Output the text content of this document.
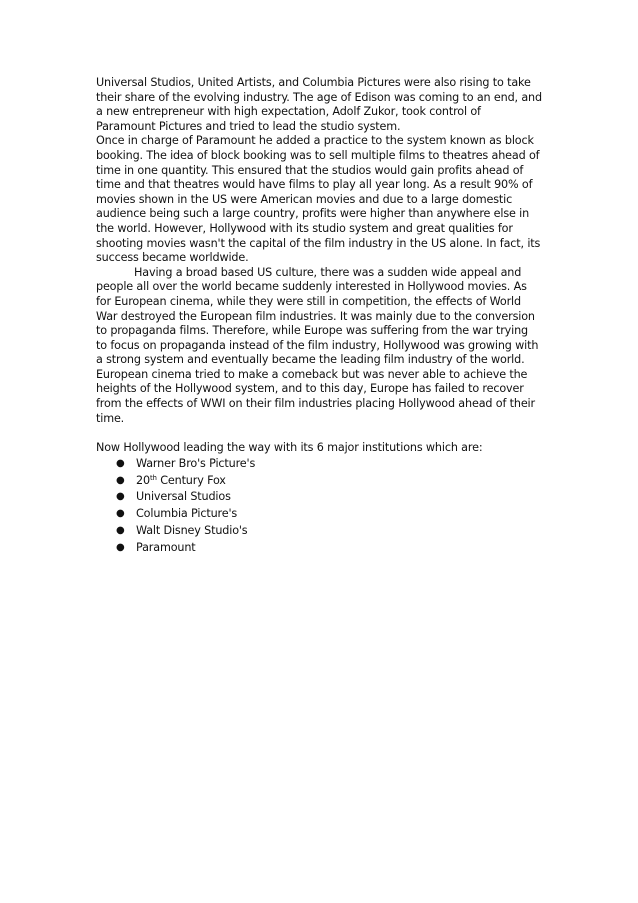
Universal Studios, United Artists, and Columbia Pictures were also rising to take their share of the evolving industry. The age of Edison was coming to an end, and a new entrepreneur with high expectation, Adolf Zukor, took control of Paramount Pictures and tried to lead the studio system.

Once in charge of Paramount he added a practice to the system known as block booking. The idea of block booking was to sell multiple films to theatres ahead of time in one quantity. This ensured that the studios would gain profits ahead of time and that theatres would have films to play all year long. As a result 90% of movies shown in the US were American movies and due to a large domestic audience being such a large country, profits were higher than anywhere else in the world. However, Hollywood with its studio system and great qualities for shooting movies wasn't the capital of the film industry in the US alone. In fact, its success became worldwide.

Having a broad based US culture, there was a sudden wide appeal and people all over the world became suddenly interested in Hollywood movies. As for European cinema, while they were still in competition, the effects of World War destroyed the European film industries. It was mainly due to the conversion to propaganda films. Therefore, while Europe was suffering from the war trying to focus on propaganda instead of the film industry, Hollywood was growing with a strong system and eventually became the leading film industry of the world. European cinema tried to make a comeback but was never able to achieve the heights of the Hollywood system, and to this day, Europe has failed to recover from the effects of WWI on their film industries placing Hollywood ahead of their time.

Now Hollywood leading the way with its 6 major institutions which are:

● Warner Bro's Picture's
● 20th Century Fox
● Universal Studios
● Columbia Picture's
● Walt Disney Studio's
● Paramount
